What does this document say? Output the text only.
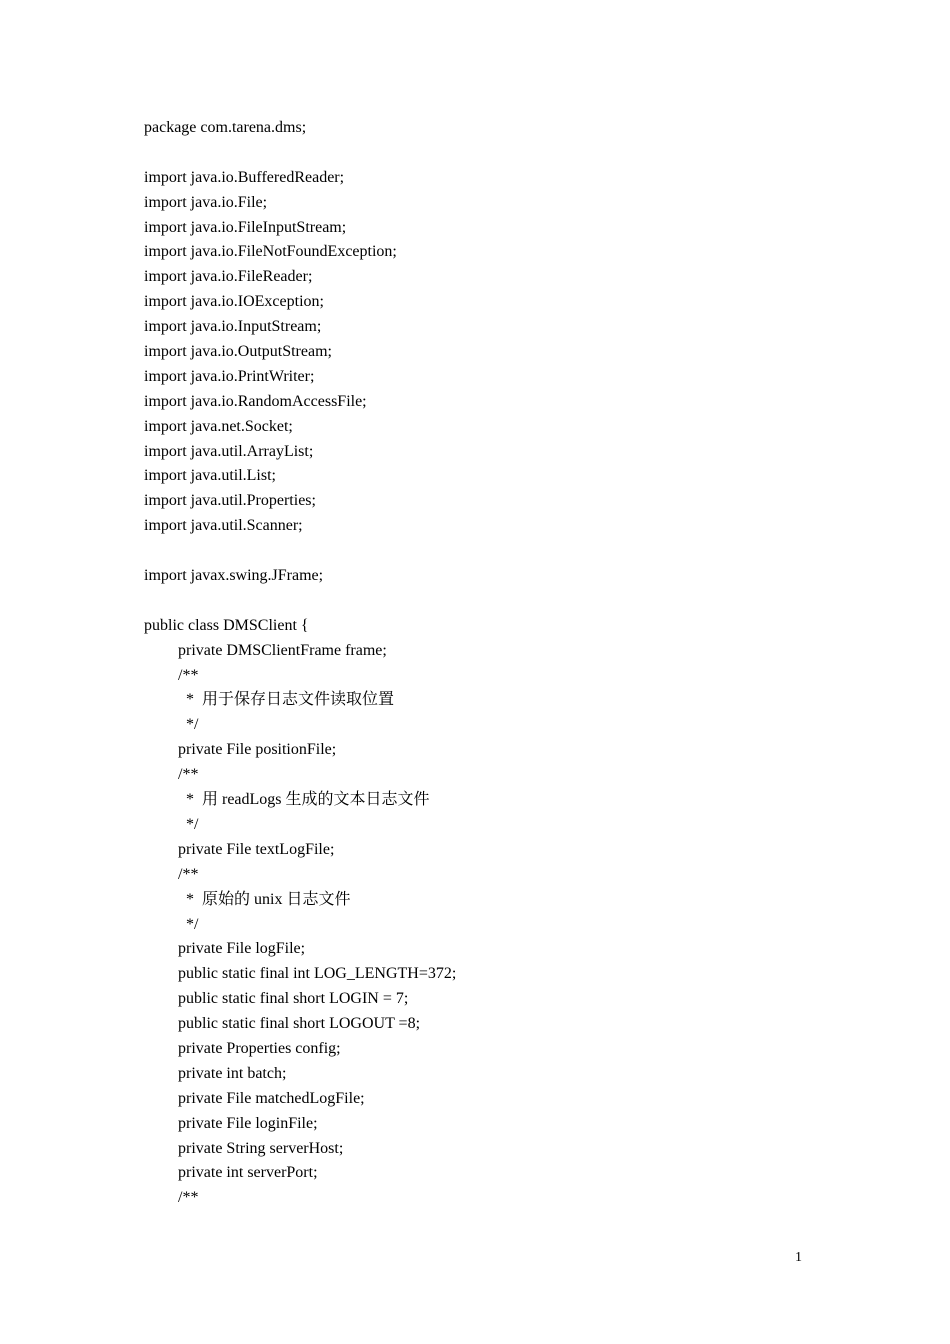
package com.tarena.dms;
import java.io.BufferedReader;
import java.io.File;
import java.io.FileInputStream;
import java.io.FileNotFoundException;
import java.io.FileReader;
import java.io.IOException;
import java.io.InputStream;
import java.io.OutputStream;
import java.io.PrintWriter;
import java.io.RandomAccessFile;
import java.net.Socket;
import java.util.ArrayList;
import java.util.List;
import java.util.Properties;
import java.util.Scanner;
import javax.swing.JFrame;
public class DMSClient {
private DMSClientFrame frame;
/**
*  用于保存日志文件读取位置
*/
private File positionFile;
/**
*  用 readLogs 生成的文本日志文件
*/
private File textLogFile;
/**
*  原始的 unix 日志文件
*/
private File logFile;
public static final int LOG_LENGTH=372;
public static final short LOGIN = 7;
public static final short LOGOUT =8;
private Properties config;
private int batch;
private File matchedLogFile;
private File loginFile;
private String serverHost;
private int serverPort;
/**
1
